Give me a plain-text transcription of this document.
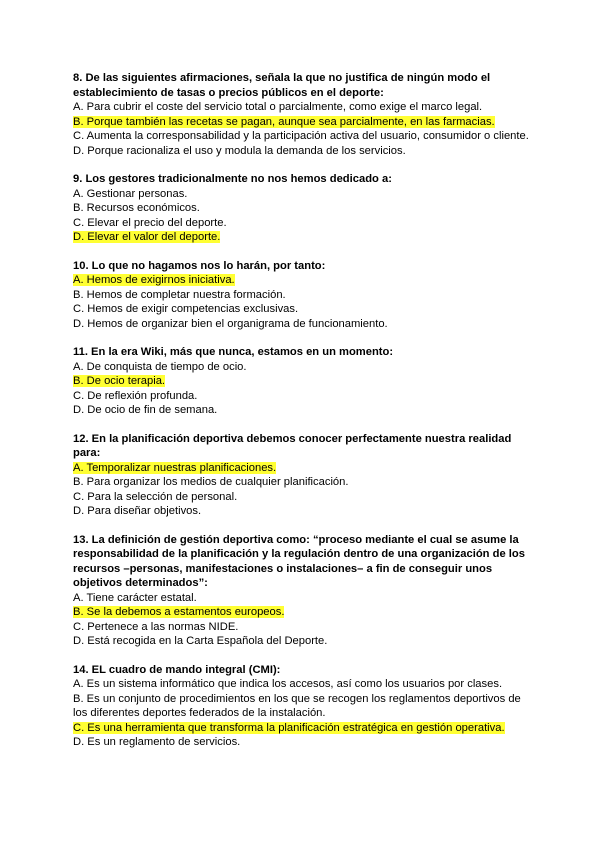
8. De las siguientes afirmaciones, señala la que no justifica de ningún modo el establecimiento de tasas o precios públicos en el deporte:

A. Para cubrir el coste del servicio total o parcialmente, como exige el marco legal.

B. Porque también las recetas se pagan, aunque sea parcialmente, en las farmacias.

C. Aumenta la corresponsabilidad y la participación activa del usuario, consumidor o cliente.

D. Porque racionaliza el uso y modula la demanda de los servicios.

9. Los gestores tradicionalmente no nos hemos dedicado a:

A. Gestionar personas.

B. Recursos económicos.

C. Elevar el precio del deporte.

D. Elevar el valor del deporte.

10. Lo que no hagamos nos lo harán, por tanto:

A. Hemos de exigirnos iniciativa.

B. Hemos de completar nuestra formación.

C. Hemos de exigir competencias exclusivas.

D. Hemos de organizar bien el organigrama de funcionamiento.

11. En la era Wiki, más que nunca, estamos en un momento:

A. De conquista de tiempo de ocio.

B. De ocio terapia.

C. De reflexión profunda.

D. De ocio de fin de semana.

12. En la planificación deportiva debemos conocer perfectamente nuestra realidad para:

A. Temporalizar nuestras planificaciones.

B. Para organizar los medios de cualquier planificación.

C. Para la selección de personal.

D. Para diseñar objetivos.

13. La definición de gestión deportiva como: “proceso mediante el cual se asume la responsabilidad de la planificación y la regulación dentro de una organización de los recursos –personas, manifestaciones o instalaciones– a fin de conseguir unos objetivos determinados”:

A. Tiene carácter estatal.

B. Se la debemos a estamentos europeos.

C. Pertenece a las normas NIDE.

D. Está recogida en la Carta Española del Deporte.

14. EL cuadro de mando integral (CMI):

A. Es un sistema informático que indica los accesos, así como los usuarios por clases.

B. Es un conjunto de procedimientos en los que se recogen los reglamentos deportivos de los diferentes deportes federados de la instalación.

C. Es una herramienta que transforma la planificación estratégica en gestión operativa.

D. Es un reglamento de servicios.
